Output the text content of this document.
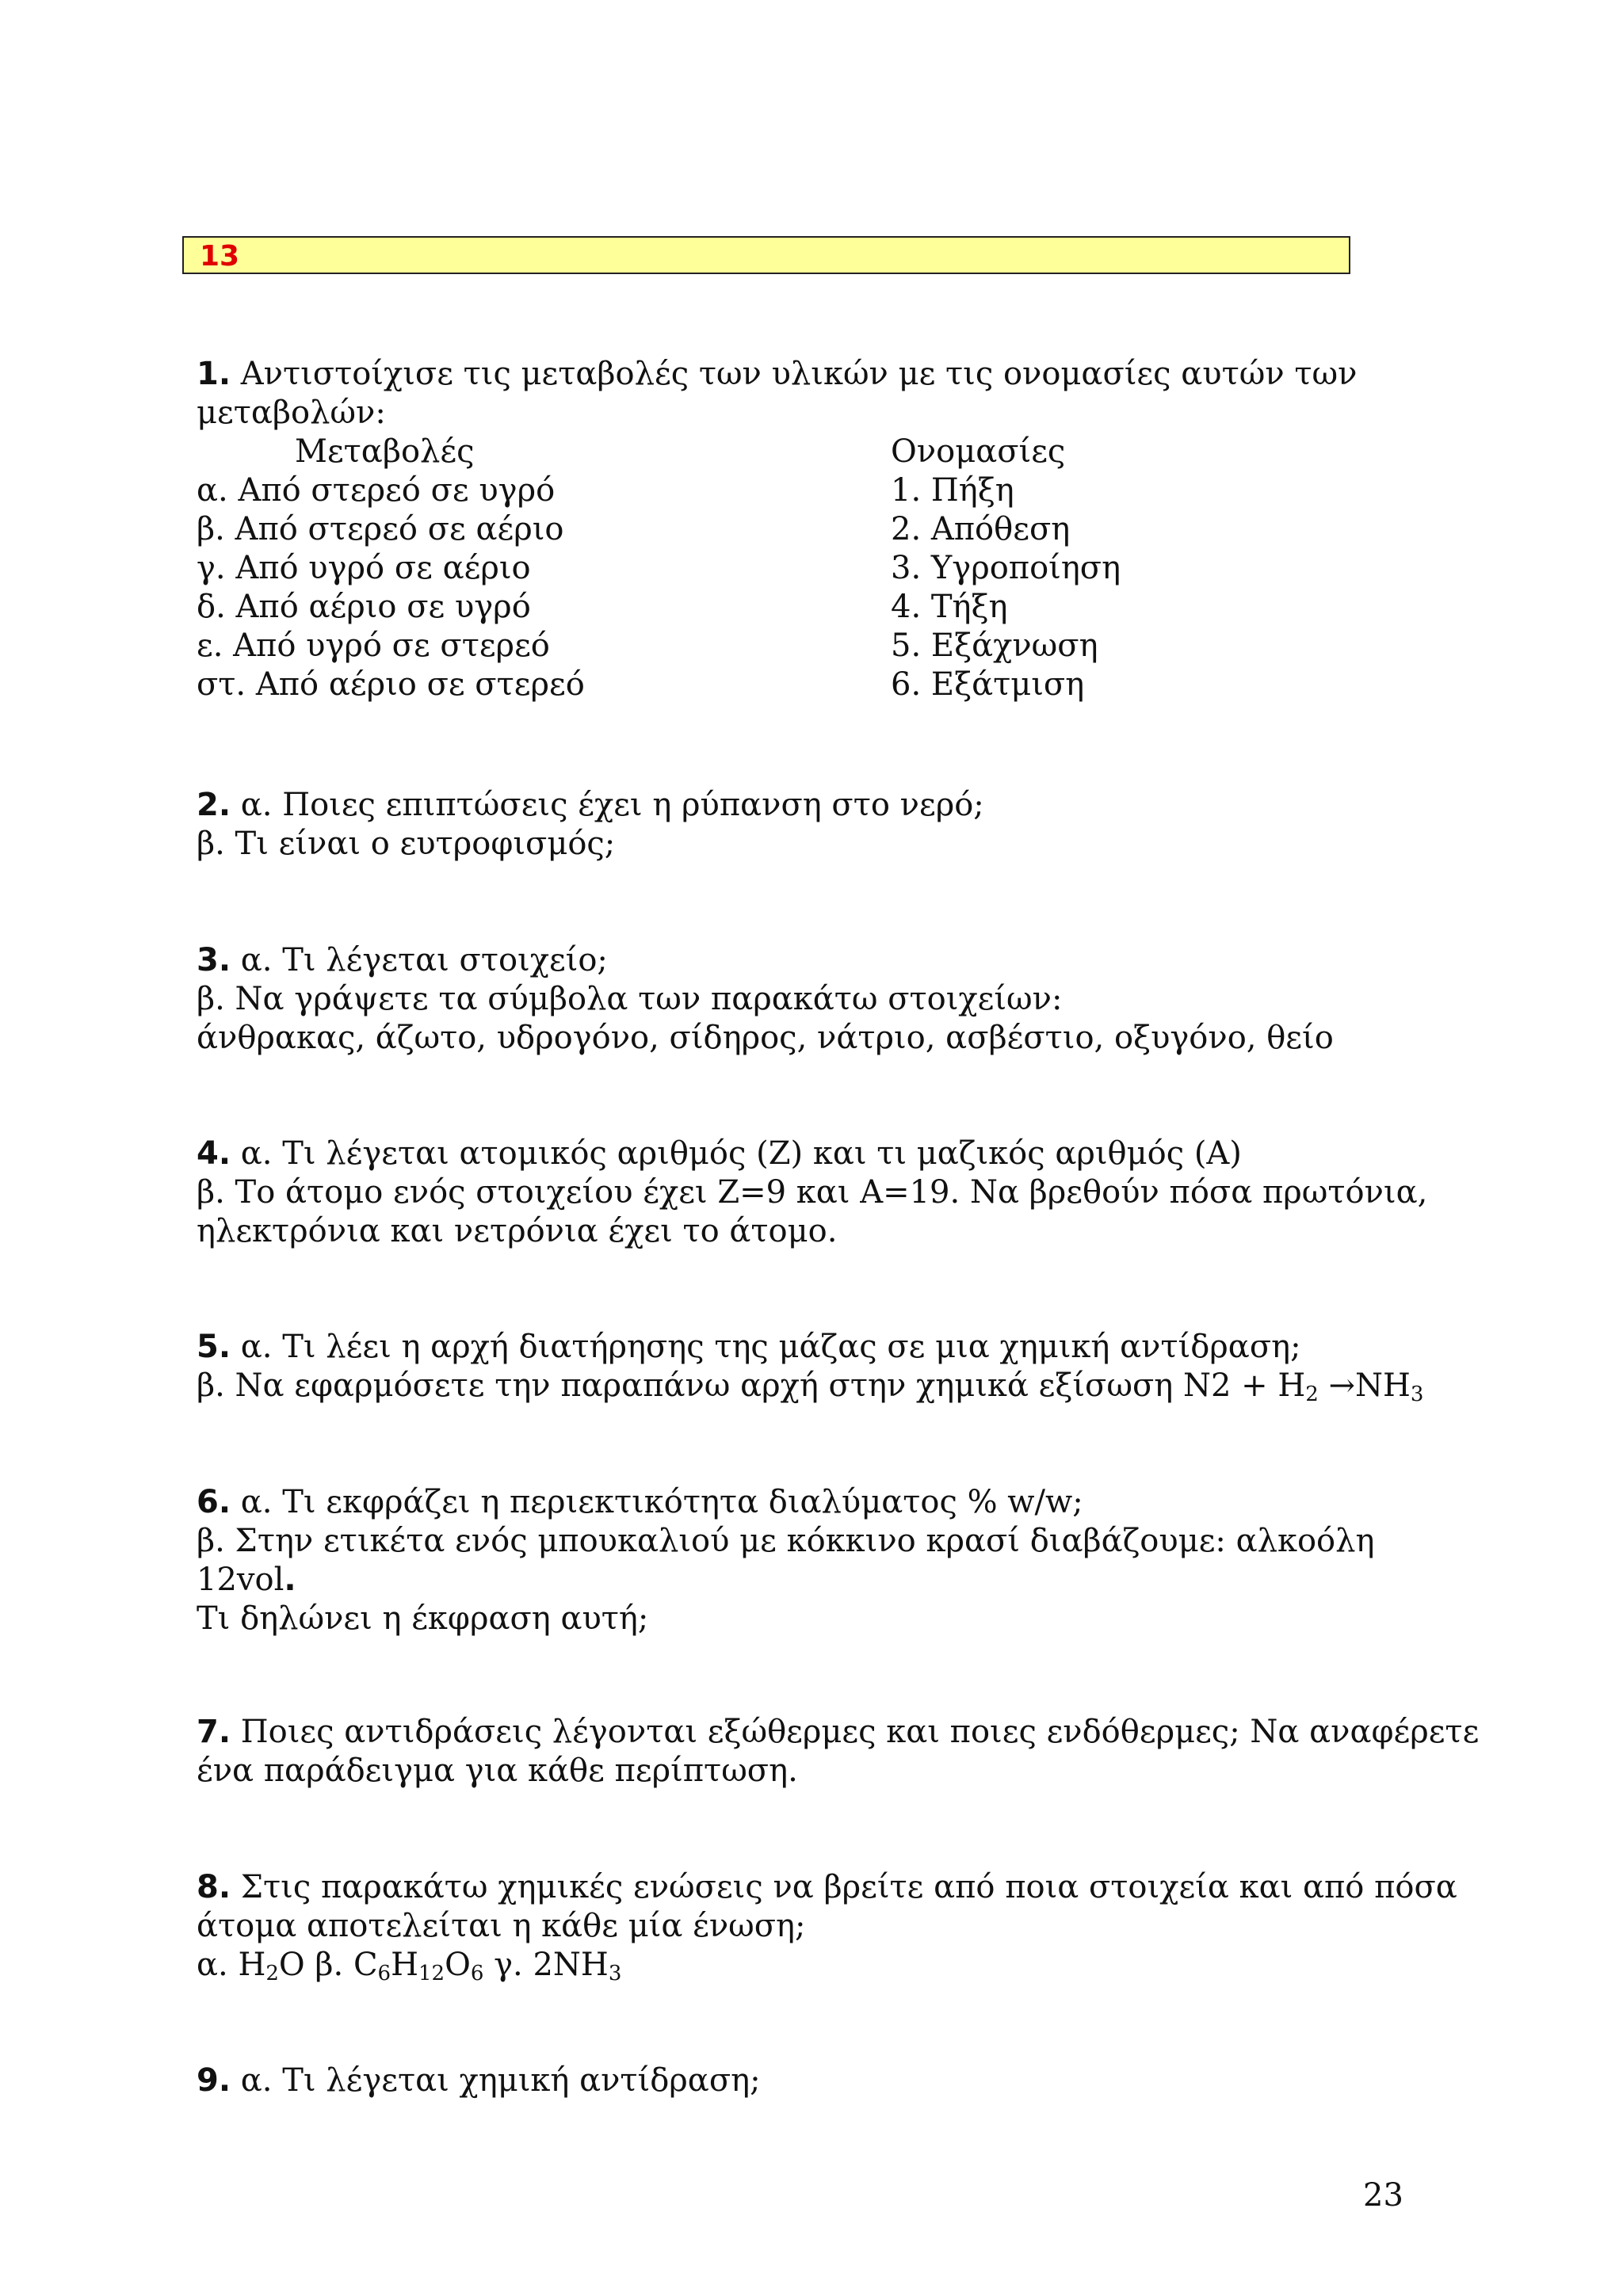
13
1. Αντιστοίχισε τις μεταβολές των υλικών με τις ονομασίες αυτών των
μεταβολών:
Μεταβολές	Ονομασίες
α. Από στερεό σε υγρό	1. Πήξη
β. Από στερεό σε αέριο	2. Απόθεση
γ. Από υγρό σε αέριο	3. Υγροποίηση
δ. Από αέριο σε υγρό	4. Τήξη
ε. Από υγρό σε στερεό	5. Εξάχνωση
στ. Από αέριο σε στερεό	6. Εξάτμιση
2. α. Ποιες επιπτώσεις έχει η ρύπανση στο νερό;
β. Τι είναι ο ευτροφισμός;
3. α. Τι λέγεται στοιχείο;
β. Να γράψετε τα σύμβολα των παρακάτω στοιχείων:
άνθρακας, άζωτο, υδρογόνο, σίδηρος, νάτριο, ασβέστιο, οξυγόνο, θείο
4. α. Τι λέγεται ατομικός αριθμός (Z) και τι μαζικός αριθμός (A)
β. Το άτομο ενός στοιχείου έχει Z=9 και A=19. Να βρεθούν πόσα πρωτόνια,
ηλεκτρόνια και νετρόνια έχει το άτομο.
5. α. Τι λέει η αρχή διατήρησης της μάζας σε μια χημική αντίδραση;
β. Να εφαρμόσετε την παραπάνω αρχή στην χημικά εξίσωση $N2 + H_2 \to NH_3$
6. α. Τι εκφράζει η περιεκτικότητα διαλύματος % w/w;
β. Στην ετικέτα ενός μπουκαλιού με κόκκινο κρασί διαβάζουμε: αλκοόλη
12vol.
Τι δηλώνει η έκφραση αυτή;
7. Ποιες αντιδράσεις λέγονται εξώθερμες και ποιες ενδόθερμες; Να αναφέρετε
ένα παράδειγμα για κάθε περίπτωση.
8. Στις παρακάτω χημικές ενώσεις να βρείτε από ποια στοιχεία και από πόσα
άτομα αποτελείται η κάθε μία ένωση;
α. $H_2O$ β. $C_6H_{12}O_6$ γ. $2NH_3$
9. α. Τι λέγεται χημική αντίδραση;
23
